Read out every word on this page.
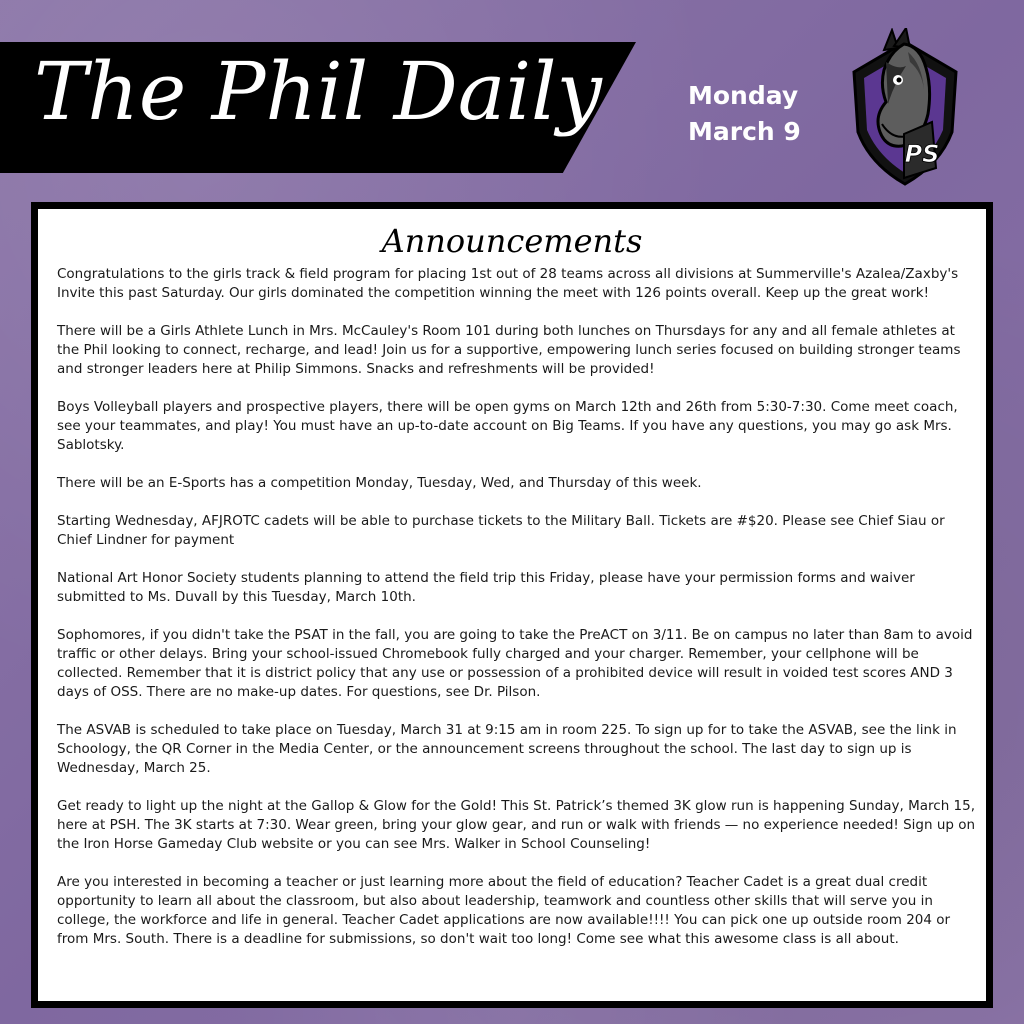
The Phil Daily	Monday
March 9
PS
Announcements

Congratulations to the girls track & field program for placing 1st out of 28 teams across all divisions at Summerville's Azalea/Zaxby's Invite this past Saturday. Our girls dominated the competition winning the meet with 126 points overall. Keep up the great work!

There will be a Girls Athlete Lunch in Mrs. McCauley's Room 101 during both lunches on Thursdays for any and all female athletes at the Phil looking to connect, recharge, and lead! Join us for a supportive, empowering lunch series focused on building stronger teams and stronger leaders here at Philip Simmons. Snacks and refreshments will be provided!

Boys Volleyball players and prospective players, there will be open gyms on March 12th and 26th from 5:30-7:30. Come meet coach, see your teammates, and play! You must have an up-to-date account on Big Teams. If you have any questions, you may go ask Mrs. Sablotsky.

There will be an E-Sports has a competition Monday, Tuesday, Wed, and Thursday of this week.

Starting Wednesday, AFJROTC cadets will be able to purchase tickets to the Military Ball. Tickets are #$20. Please see Chief Siau or Chief Lindner for payment

National Art Honor Society students planning to attend the field trip this Friday, please have your permission forms and waiver submitted to Ms. Duvall by this Tuesday, March 10th.

Sophomores, if you didn't take the PSAT in the fall, you are going to take the PreACT on 3/11. Be on campus no later than 8am to avoid traffic or other delays. Bring your school-issued Chromebook fully charged and your charger. Remember, your cellphone will be collected. Remember that it is district policy that any use or possession of a prohibited device will result in voided test scores AND 3 days of OSS. There are no make-up dates. For questions, see Dr. Pilson.

The ASVAB is scheduled to take place on Tuesday, March 31 at 9:15 am in room 225. To sign up for to take the ASVAB, see the link in Schoology, the QR Corner in the Media Center, or the announcement screens throughout the school. The last day to sign up is Wednesday, March 25.

Get ready to light up the night at the Gallop & Glow for the Gold! This St. Patrick’s themed 3K glow run is happening Sunday, March 15, here at PSH. The 3K starts at 7:30. Wear green, bring your glow gear, and run or walk with friends — no experience needed! Sign up on the Iron Horse Gameday Club website or you can see Mrs. Walker in School Counseling!

Are you interested in becoming a teacher or just learning more about the field of education? Teacher Cadet is a great dual credit opportunity to learn all about the classroom, but also about leadership, teamwork and countless other skills that will serve you in college, the workforce and life in general. Teacher Cadet applications are now available!!!! You can pick one up outside room 204 or from Mrs. South. There is a deadline for submissions, so don't wait too long! Come see what this awesome class is all about.
